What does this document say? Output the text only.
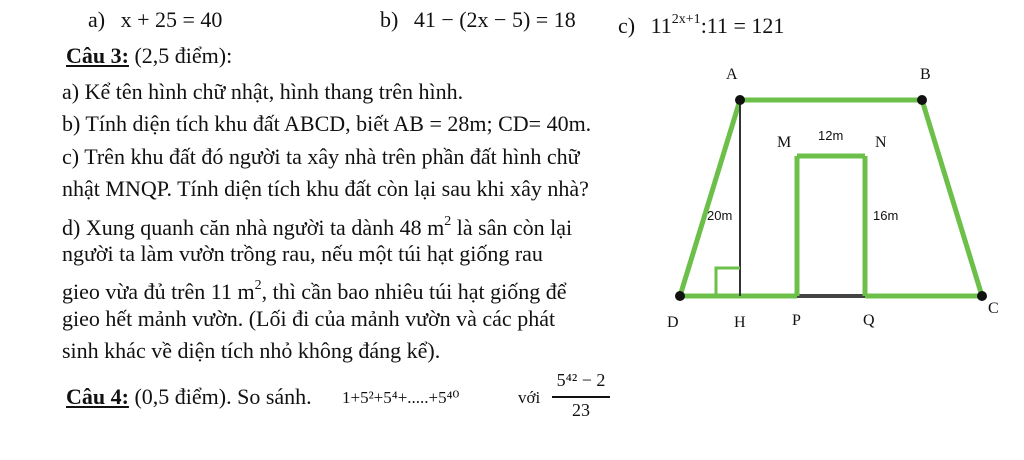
a) x + 25 = 40	b) 41 − (2x − 5) = 18 c) $11^{2x+1}:11 = 121$
Câu 3: (2,5 điểm):
a) Kể tên hình chữ nhật, hình thang trên hình.
b) Tính diện tích khu đất ABCD, biết AB = 28m; CD= 40m.
c) Trên khu đất đó người ta xây nhà trên phần đất hình chữ
nhật MNQP. Tính diện tích khu đất còn lại sau khi xây nhà?
d) Xung quanh căn nhà người ta dành 48 $m^2$ là sân còn lại
người ta làm vườn trồng rau, nếu một túi hạt giống rau
gieo vừa đủ trên 11 $m^2$, thì cần bao nhiêu túi hạt giống để
gieo hết mảnh vườn. (Lối đi của mảnh vườn và các phát
sinh khác về diện tích nhỏ không đáng kể).
Câu 4: (0,5 điểm). So sánh. 1+5²+5⁴+.....+5⁴⁰	với
5⁴² − 2
23
A	B
C
D	H	P	Q
M	N
12m
20m	16m
